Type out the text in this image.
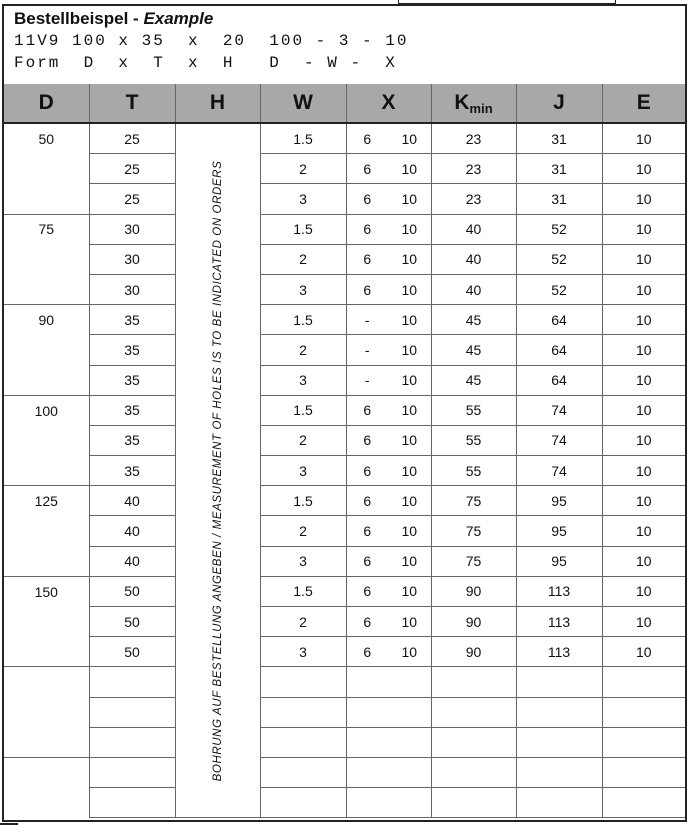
Bestellbeispel - Example

11V9 100 x 35  x  20  100 - 3 - 10

Form  D  x  T  x  H   D  - W -  X

D	T	H	W	X		$K_{min}$	J	E
50	25	BOHRUNG AUF BESTELLUNG ANGEBEN / MEASUREMENT OF HOLES IS TO BE INDICATED ON ORDERS	1.5	6	10	23	31	10
	25		2	6	10	23	31	10
	25		3	6	10	23	31	10
75	30		1.5	6	10	40	52	10
	30		2	6	10	40	52	10
	30		3	6	10	40	52	10
90	35		1.5	-	10	45	64	10
	35		2	-	10	45	64	10
	35		3	-	10	45	64	10
100	35		1.5	6	10	55	74	10
	35		2	6	10	55	74	10
	35		3	6	10	55	74	10
125	40		1.5	6	10	75	95	10
	40		2	6	10	75	95	10
	40		3	6	10	75	95	10
150	50		1.5	6	10	90	113	10
	50		2	6	10	90	113	10
	50		3	6	10	90	113	10
